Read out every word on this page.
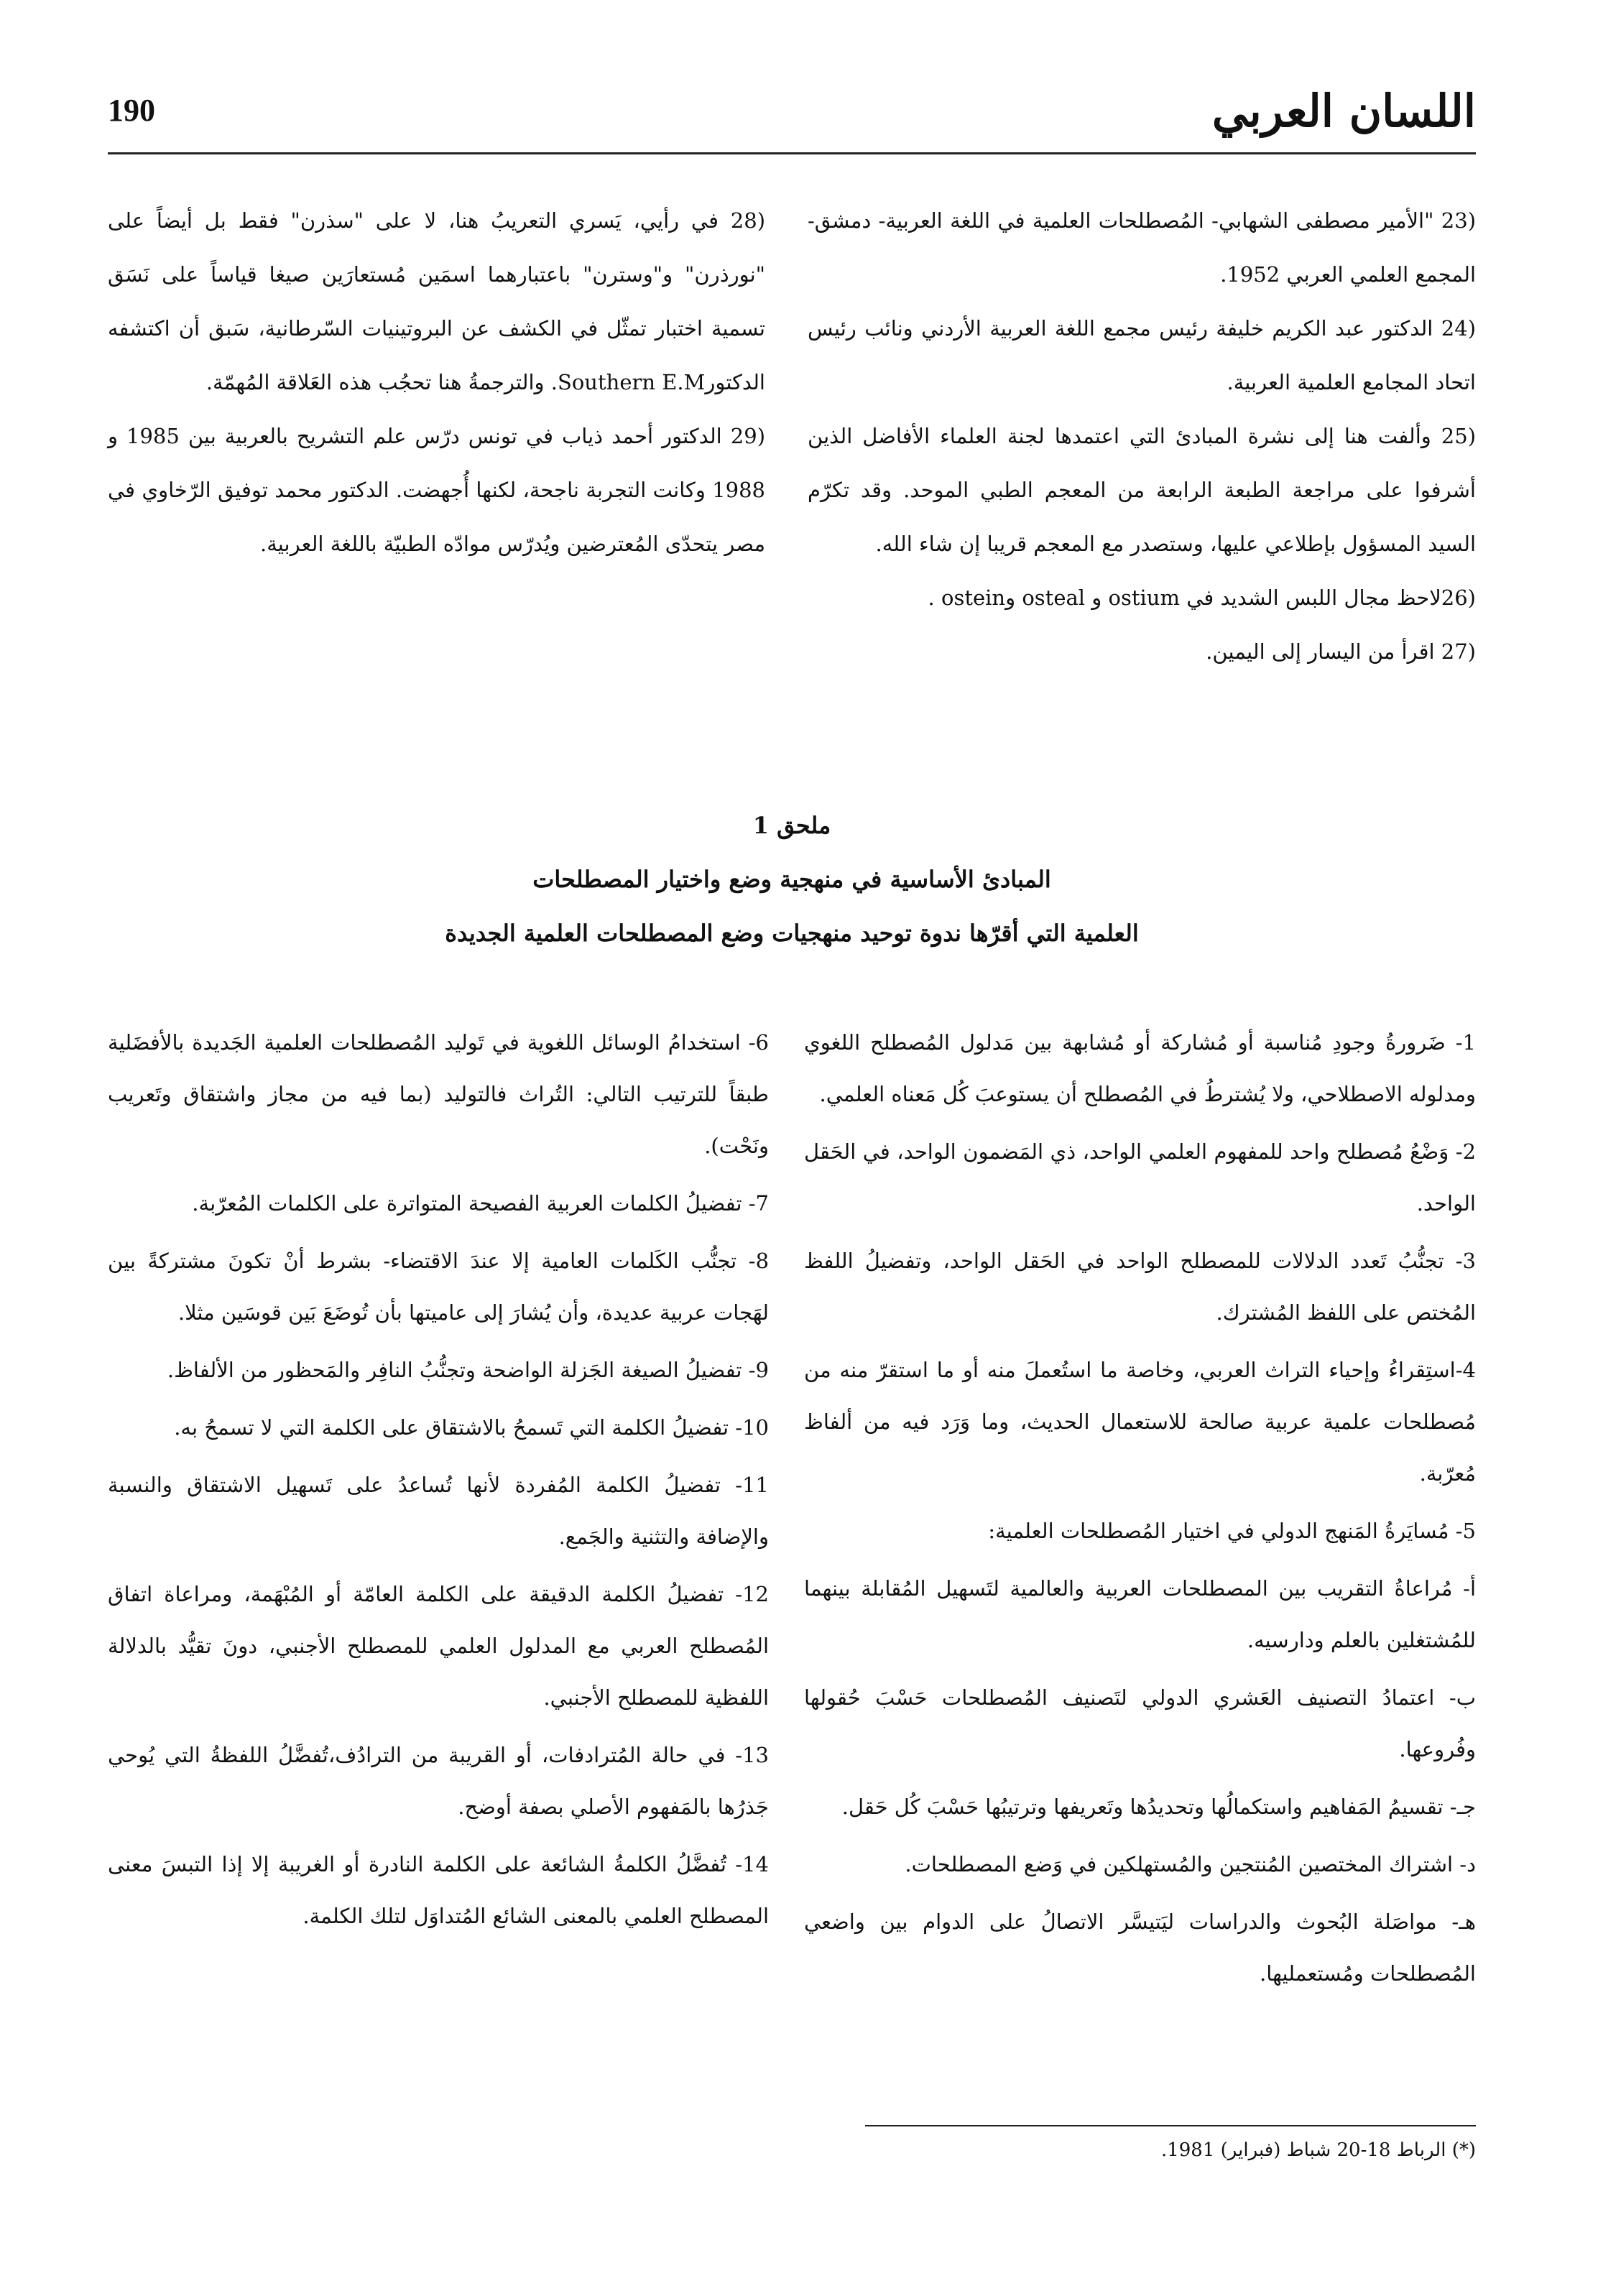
اللسان العربي
190

(23 "الأمير مصطفى الشهابي- المُصطلحات العلمية في اللغة العربية- دمشق-المجمع العلمي العربي 1952.

(24 الدكتور عبد الكريم خليفة رئيس مجمع اللغة العربية الأردني ونائب رئيس اتحاد المجامع العلمية العربية.

(25 وألفت هنا إلى نشرة المبادئ التي اعتمدها لجنة العلماء الأفاضل الذين أشرفوا على مراجعة الطبعة الرابعة من المعجم الطبي الموحد. وقد تكرّم السيد المسؤول بإطلاعي عليها، وستصدر مع المعجم قريبا إن شاء الله.

(26لاحظ مجال اللبس الشديد في ostium و osteal وostein .

(27 اقرأ من اليسار إلى اليمين.

(28 في رأيي، يَسري التعريبُ هنا، لا على "سذرن" فقط بل أيضاً على "نورذرن" و"وسترن" باعتبارهما اسمَين مُستعارَين صيغا قياساً على نَسَق تسمية اختبار تمثّل في الكشف عن البروتينيات السّرطانية، سَبق أن اكتشفه الدكتورSouthern E.M. والترجمةُ هنا تحجُب هذه العَلاقة المُهمّة.

(29 الدكتور أحمد ذياب في تونس درّس علم التشريح بالعربية بين 1985 و 1988 وكانت التجربة ناجحة، لكنها أُجهضت. الدكتور محمد توفيق الرّخاوي في مصر يتحدّى المُعترضين ويُدرّس موادّه الطبيّة باللغة العربية.

ملحق 1
المبادئ الأساسية في منهجية وضع واختيار المصطلحات
العلمية التي أقرّها ندوة توحيد منهجيات وضع المصطلحات العلمية الجديدة

1- ضَرورةُ وجودِ مُناسبة أو مُشاركة أو مُشابهة بين مَدلول المُصطلح اللغوي ومدلوله الاصطلاحي، ولا يُشترطُ في المُصطلح أن يستوعبَ كُل مَعناه العلمي.

2- وَضْعُ مُصطلح واحد للمفهوم العلمي الواحد، ذي المَضمون الواحد، في الحَقل الواحد.

3- تجنُّبُ تَعدد الدلالات للمصطلح الواحد في الحَقل الواحد، وتفضيلُ اللفظ المُختص على اللفظ المُشترك.

4-استِقراءُ وإحياء التراث العربي، وخاصة ما استُعملَ منه أو ما استقرّ منه من مُصطلحات علمية عربية صالحة للاستعمال الحديث، وما وَرَد فيه من ألفاظ مُعرّبة.

5- مُسايَرةُ المَنهج الدولي في اختيار المُصطلحات العلمية:

أ- مُراعاةُ التقريب بين المصطلحات العربية والعالمية لتَسهيل المُقابلة بينهما للمُشتغلين بالعلم ودارسيه.

ب- اعتمادُ التصنيف العَشري الدولي لتَصنيف المُصطلحات حَسْبَ حُقولها وفُروعها.

جـ- تقسيمُ المَفاهيم واستكمالُها وتحديدُها وتَعريفها وترتيبُها حَسْبَ كُل حَقل.

د- اشتراك المختصين المُنتجين والمُستهلكين في وَضع المصطلحات.

هـ- مواصَلة البُحوث والدراسات ليَتيسَّر الاتصالُ على الدوام بين واضعي المُصطلحات ومُستعمليها.

6- استخدامُ الوسائل اللغوية في تَوليد المُصطلحات العلمية الجَديدة بالأفضَلية طبقاً للترتيب التالي: التُراث فالتوليد (بما فيه من مجاز واشتقاق وتَعريب ونَحْت).

7- تفضيلُ الكلمات العربية الفصيحة المتواترة على الكلمات المُعرّبة.

8- تجنُّب الكَلمات العامية إلا عندَ الاقتضاء- بشرط أنْ تكونَ مشتركةً بين لهَجات عربية عديدة، وأن يُشارَ إلى عاميتها بأن تُوضَعَ بَين قوسَين مثلا.

9- تفضيلُ الصيغة الجَزلة الواضحة وتجنُّبُ النافِر والمَحظور من الألفاظ.

10- تفضيلُ الكلمة التي تَسمحُ بالاشتقاق على الكلمة التي لا تسمحُ به.

11- تفضيلُ الكلمة المُفردة لأنها تُساعدُ على تَسهيل الاشتقاق والنسبة والإضافة والتثنية والجَمع.

12- تفضيلُ الكلمة الدقيقة على الكلمة العامّة أو المُبْهَمة، ومراعاة اتفاق المُصطلح العربي مع المدلول العلمي للمصطلح الأجنبي، دونَ تقيُّد بالدلالة اللفظية للمصطلح الأجنبي.

13- في حالة المُترادفات، أو القريبة من الترادُف،تُفضَّلُ اللفظةُ التي يُوحي جَذرُها بالمَفهوم الأصلي بصفة أوضح.

14- تُفضَّلُ الكلمةُ الشائعة على الكلمة النادرة أو الغريبة إلا إذا التبسَ معنى المصطلح العلمي بالمعنى الشائع المُتداوَل لتلك الكلمة.

(*) الرباط 18-20 شباط (فبراير) 1981.
